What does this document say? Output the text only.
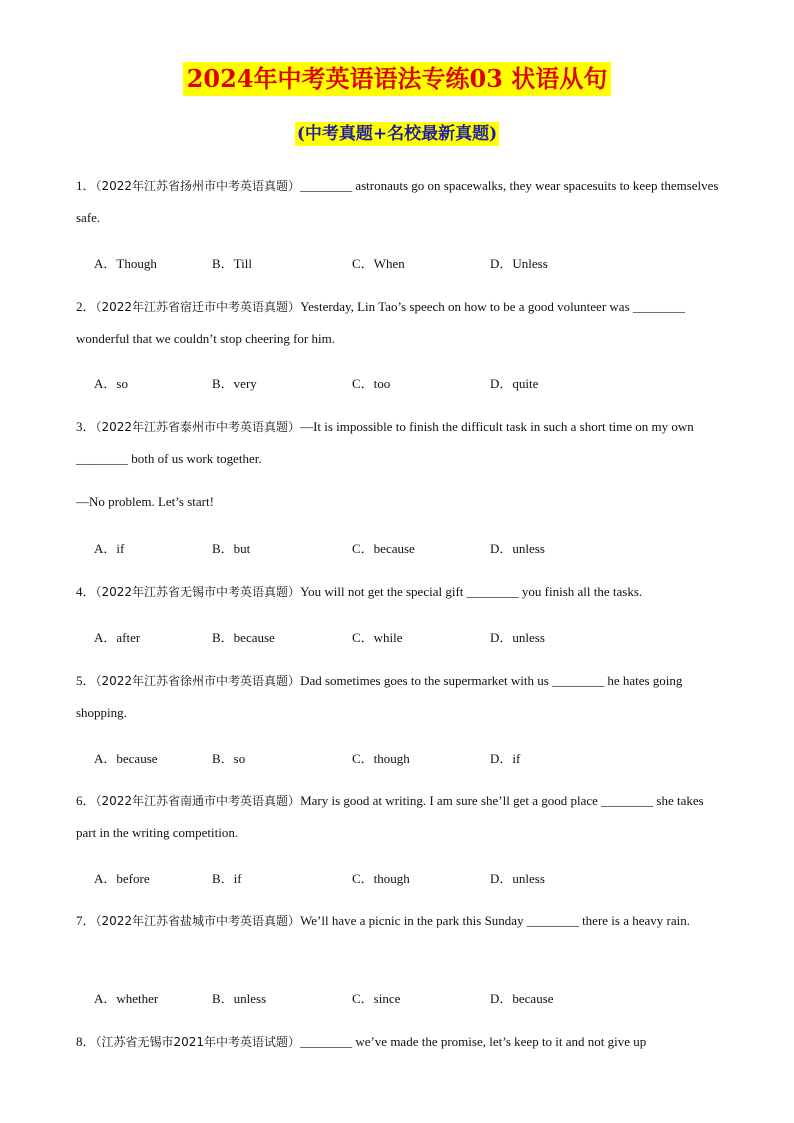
2024年中考英语语法专练03 状语从句
(中考真题+名校最新真题)
1．（2022年江苏省扬州市中考英语真题）________ astronauts go on spacewalks, they wear spacesuits to keep themselves safe.
A．Though	B．Till	C．When	D．Unless
2．（2022年江苏省宿迁市中考英语真题）Yesterday, Lin Tao’s speech on how to be a good volunteer was ________ wonderful that we couldn’t stop cheering for him.
A．so	B．very	C．too	D．quite
3．（2022年江苏省泰州市中考英语真题）—It is impossible to finish the difficult task in such a short time on my own ________ both of us work together.
—No problem. Let’s start!
A．if	B．but	C．because	D．unless
4．（2022年江苏省无锡市中考英语真题）You will not get the special gift ________ you finish all the tasks.
A．after	B．because	C．while	D．unless
5．（2022年江苏省徐州市中考英语真题）Dad sometimes goes to the supermarket with us ________ he hates going shopping.
A．because	B．so	C．though	D．if
6．（2022年江苏省南通市中考英语真题）Mary is good at writing. I am sure she’ll get a good place ________ she takes part in the writing competition.
A．before	B．if	C．though	D．unless
7．（2022年江苏省盐城市中考英语真题）We’ll have a picnic in the park this Sunday ________ there is a heavy rain.
A．whether	B．unless	C．since	D．because
8．（江苏省无锡市2021年中考英语试题）________ we’ve made the promise, let’s keep to it and not give up
